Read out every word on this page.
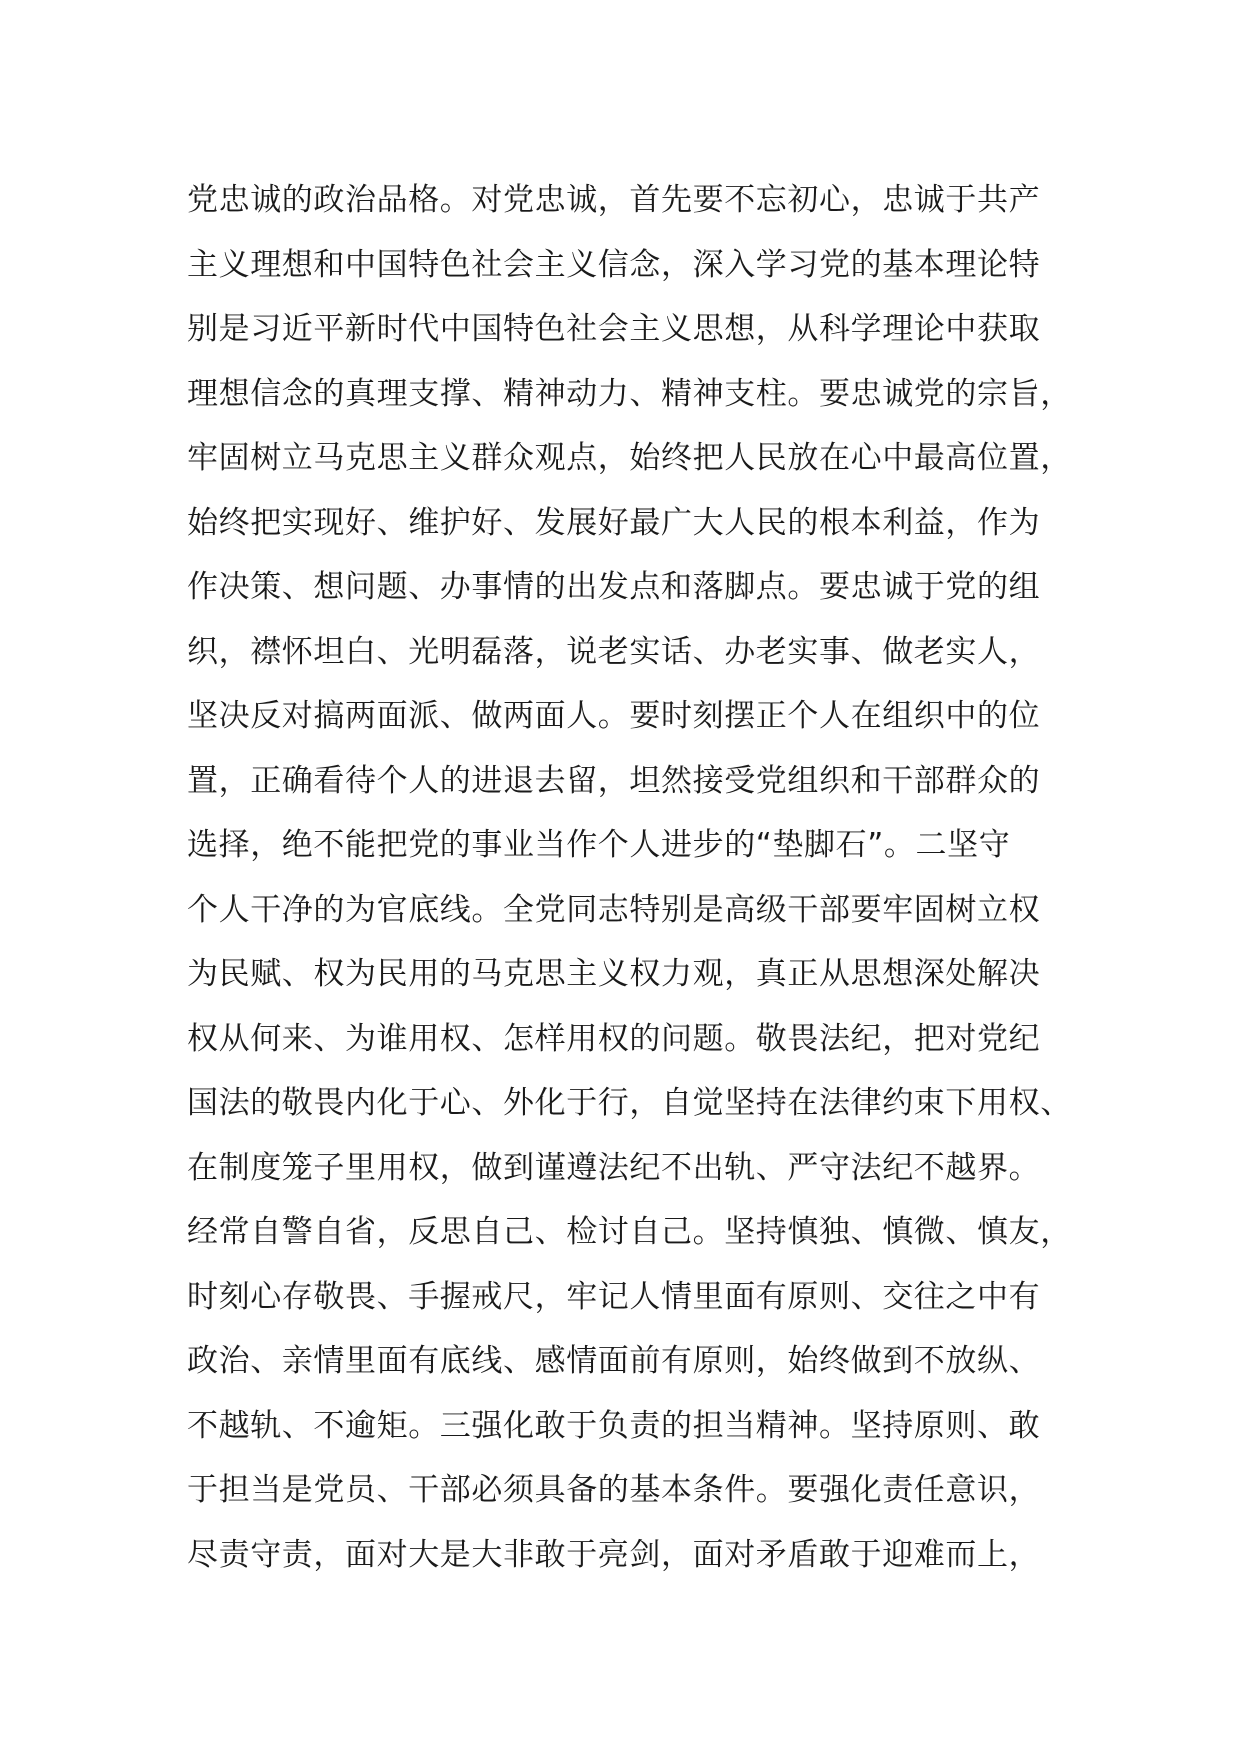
党忠诚的政治品格。对党忠诚，首先要不忘初心，忠诚于共产
主义理想和中国特色社会主义信念，深入学习党的基本理论特
别是习近平新时代中国特色社会主义思想，从科学理论中获取
理想信念的真理支撑、精神动力、精神支柱。要忠诚党的宗旨，
牢固树立马克思主义群众观点，始终把人民放在心中最高位置，
始终把实现好、维护好、发展好最广大人民的根本利益，作为
作决策、想问题、办事情的出发点和落脚点。要忠诚于党的组
织，襟怀坦白、光明磊落，说老实话、办老实事、做老实人，
坚决反对搞两面派、做两面人。要时刻摆正个人在组织中的位
置，正确看待个人的进退去留，坦然接受党组织和干部群众的
选择，绝不能把党的事业当作个人进步的“垫脚石”。二坚守
个人干净的为官底线。全党同志特别是高级干部要牢固树立权
为民赋、权为民用的马克思主义权力观，真正从思想深处解决
权从何来、为谁用权、怎样用权的问题。敬畏法纪，把对党纪
国法的敬畏内化于心、外化于行，自觉坚持在法律约束下用权、
在制度笼子里用权，做到谨遵法纪不出轨、严守法纪不越界。
经常自警自省，反思自己、检讨自己。坚持慎独、慎微、慎友，
时刻心存敬畏、手握戒尺，牢记人情里面有原则、交往之中有
政治、亲情里面有底线、感情面前有原则，始终做到不放纵、
不越轨、不逾矩。三强化敢于负责的担当精神。坚持原则、敢
于担当是党员、干部必须具备的基本条件。要强化责任意识，
尽责守责，面对大是大非敢于亮剑，面对矛盾敢于迎难而上，
